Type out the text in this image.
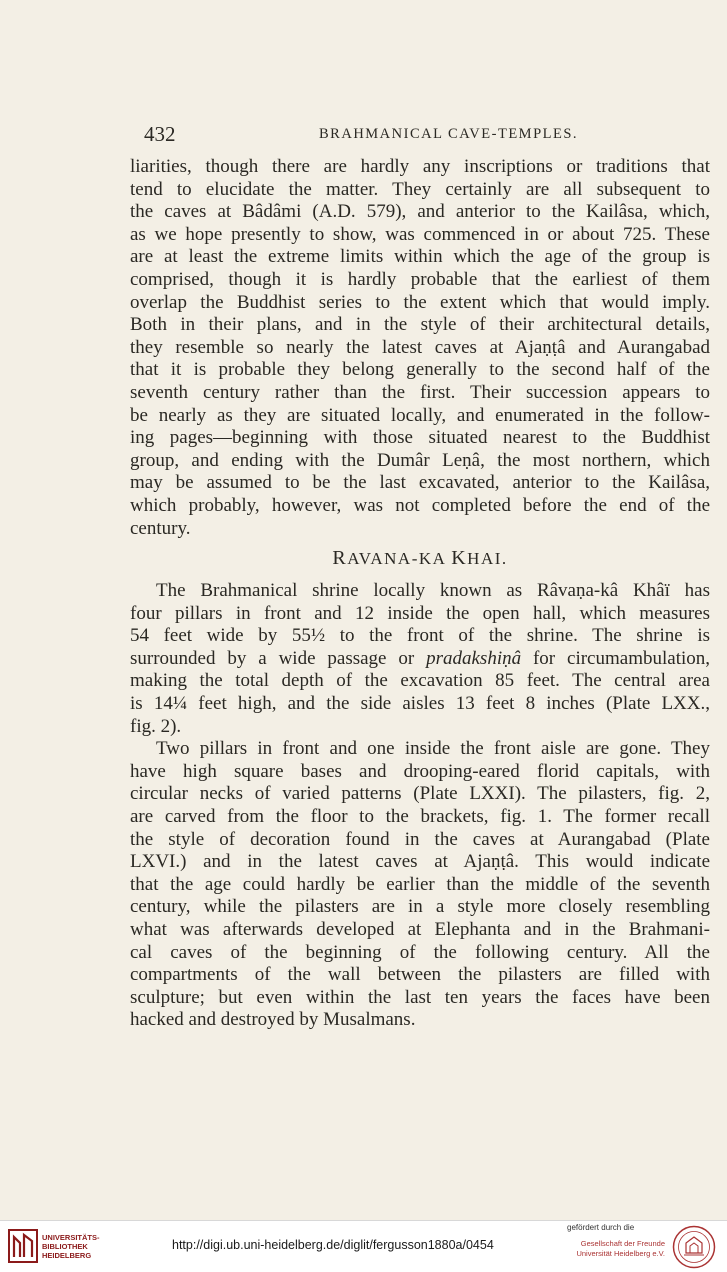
432	BRAHMANICAL CAVE-TEMPLES.
liarities, though there are hardly any inscriptions or traditions that
tend to elucidate the matter. They certainly are all subsequent to
the caves at Bâdâmi (A.D. 579), and anterior to the Kailâsa, which,
as we hope presently to show, was commenced in or about 725. These
are at least the extreme limits within which the age of the group is
comprised, though it is hardly probable that the earliest of them
overlap the Buddhist series to the extent which that would imply.
Both in their plans, and in the style of their architectural details,
they resemble so nearly the latest caves at Ajaṇṭâ and Aurangabad
that it is probable they belong generally to the second half of the
seventh century rather than the first. Their succession appears to
be nearly as they are situated locally, and enumerated in the follow-
ing pages—beginning with those situated nearest to the Buddhist
group, and ending with the Dumâr Leṇâ, the most northern, which
may be assumed to be the last excavated, anterior to the Kailâsa,
which probably, however, was not completed before the end of the
century.
RAVANA-KA KHAI.
The Brahmanical shrine locally known as Râvaṇa-kâ Khâï has
four pillars in front and 12 inside the open hall, which measures
54 feet wide by 55½ to the front of the shrine. The shrine is
surrounded by a wide passage or pradakshiṇâ for circumambulation,
making the total depth of the excavation 85 feet. The central area
is 14¼ feet high, and the side aisles 13 feet 8 inches (Plate LXX.,
fig. 2).
Two pillars in front and one inside the front aisle are gone. They
have high square bases and drooping-eared florid capitals, with
circular necks of varied patterns (Plate LXXI). The pilasters, fig. 2,
are carved from the floor to the brackets, fig. 1. The former recall
the style of decoration found in the caves at Aurangabad (Plate
LXVI.) and in the latest caves at Ajaṇṭâ. This would indicate
that the age could hardly be earlier than the middle of the seventh
century, while the pilasters are in a style more closely resembling
what was afterwards developed at Elephanta and in the Brahmani-
cal caves of the beginning of the following century. All the
compartments of the wall between the pilasters are filled with
sculpture; but even within the last ten years the faces have been
hacked and destroyed by Musalmans.
UNIVERSITÄTS-
BIBLIOTHEK
HEIDELBERG
http://digi.ub.uni-heidelberg.de/diglit/fergusson1880a/0454
gefördert durch die
Gesellschaft der Freunde
Universität Heidelberg e.V.
